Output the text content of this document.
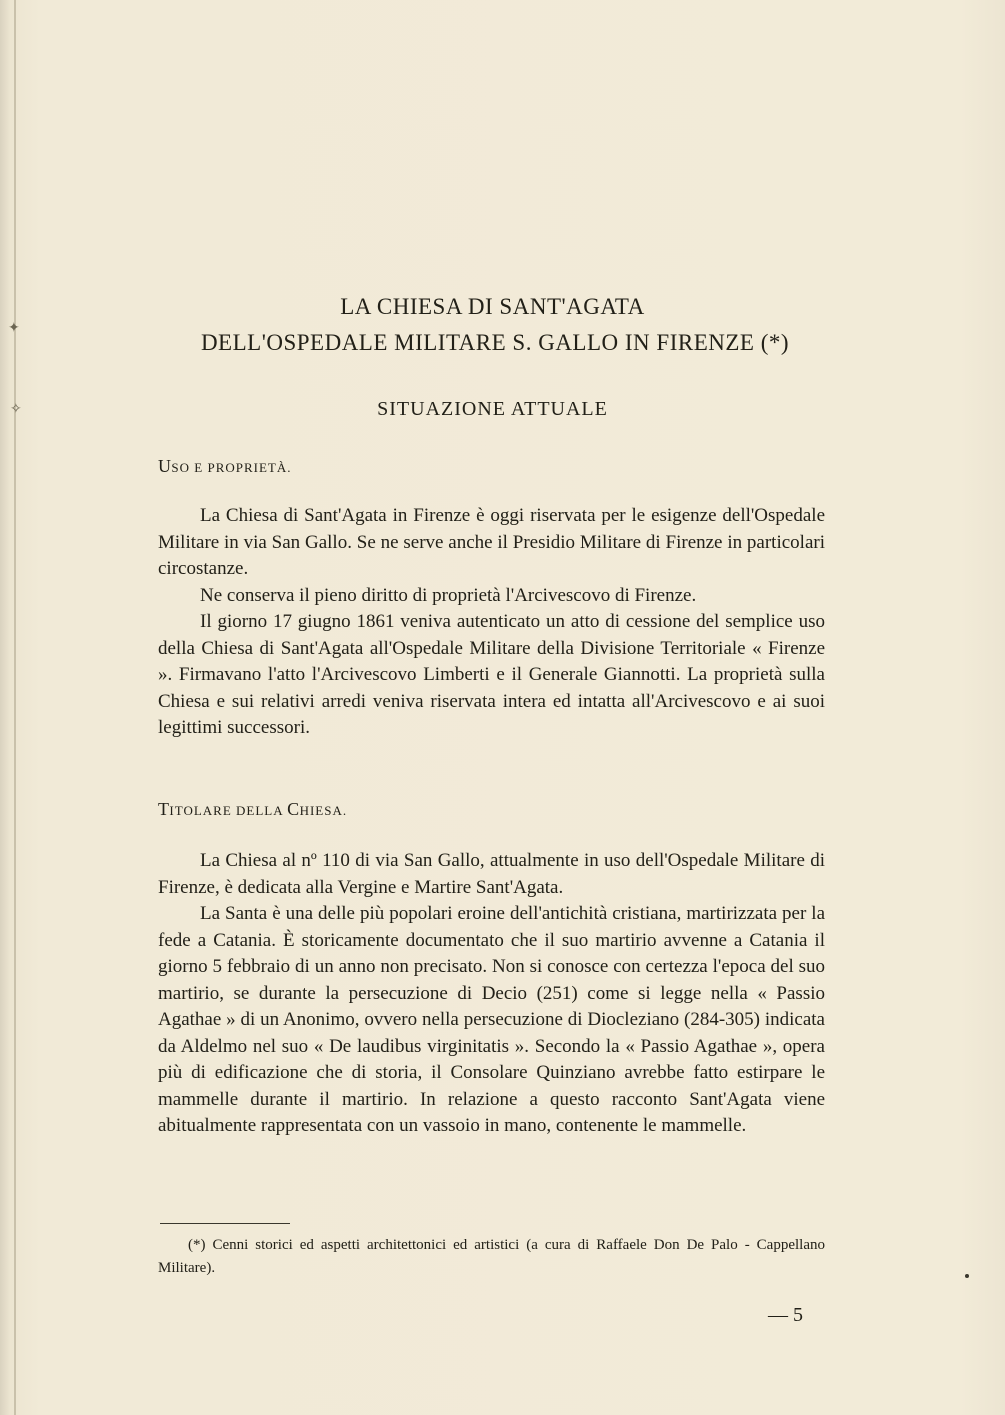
✦
✧
LA CHIESA DI SANT'AGATA
DELL'OSPEDALE MILITARE S. GALLO IN FIRENZE (*)
SITUAZIONE ATTUALE
USO E PROPRIETÀ.

La Chiesa di Sant'Agata in Firenze è oggi riservata per le esigenze dell'Ospedale Militare in via San Gallo. Se ne serve anche il Presidio Militare di Firenze in particolari circostanze.

Ne conserva il pieno diritto di proprietà l'Arcivescovo di Firenze.

Il giorno 17 giugno 1861 veniva autenticato un atto di cessione del semplice uso della Chiesa di Sant'Agata all'Ospedale Militare della Divisione Territoriale « Firenze ». Firmavano l'atto l'Arcivescovo Limberti e il Generale Giannotti. La proprietà sulla Chiesa e sui relativi arredi veniva riservata intera ed intatta all'Arcivescovo e ai suoi legittimi successori.

TITOLARE DELLA CHIESA.

La Chiesa al nº 110 di via San Gallo, attualmente in uso dell'Ospedale Militare di Firenze, è dedicata alla Vergine e Martire Sant'Agata.

La Santa è una delle più popolari eroine dell'antichità cristiana, martirizzata per la fede a Catania. È storicamente documentato che il suo martirio avvenne a Catania il giorno 5 febbraio di un anno non precisato. Non si conosce con certezza l'epoca del suo martirio, se durante la persecuzione di Decio (251) come si legge nella « Passio Agathae » di un Anonimo, ovvero nella persecuzione di Diocleziano (284-305) indicata da Aldelmo nel suo « De laudibus virginitatis ». Secondo la « Passio Agathae », opera più di edificazione che di storia, il Consolare Quinziano avrebbe fatto estirpare le mammelle durante il martirio. In relazione a questo racconto Sant'Agata viene abitualmente rappresentata con un vassoio in mano, contenente le mammelle.

(*) Cenni storici ed aspetti architettonici ed artistici (a cura di Raffaele Don De Palo - Cappellano Militare).
— 5
